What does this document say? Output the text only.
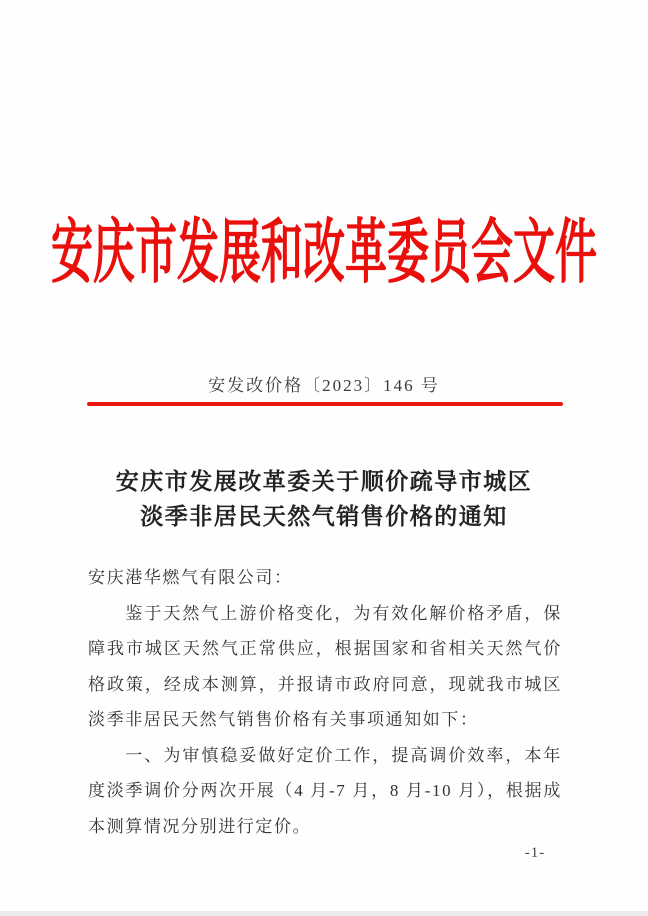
安庆市发展和改革委员会文件
安发改价格〔2023〕146 号
安庆市发展改革委关于顺价疏导市城区
淡季非居民天然气销售价格的通知

安庆港华燃气有限公司：

鉴于天然气上游价格变化，为有效化解价格矛盾，保障我市城区天然气正常供应，根据国家和省相关天然气价格政策，经成本测算，并报请市政府同意，现就我市城区淡季非居民天然气销售价格有关事项通知如下：

一、为审慎稳妥做好定价工作，提高调价效率，本年度淡季调价分两次开展（4 月-7 月，8 月-10 月），根据成本测算情况分别进行定价。

-1-
